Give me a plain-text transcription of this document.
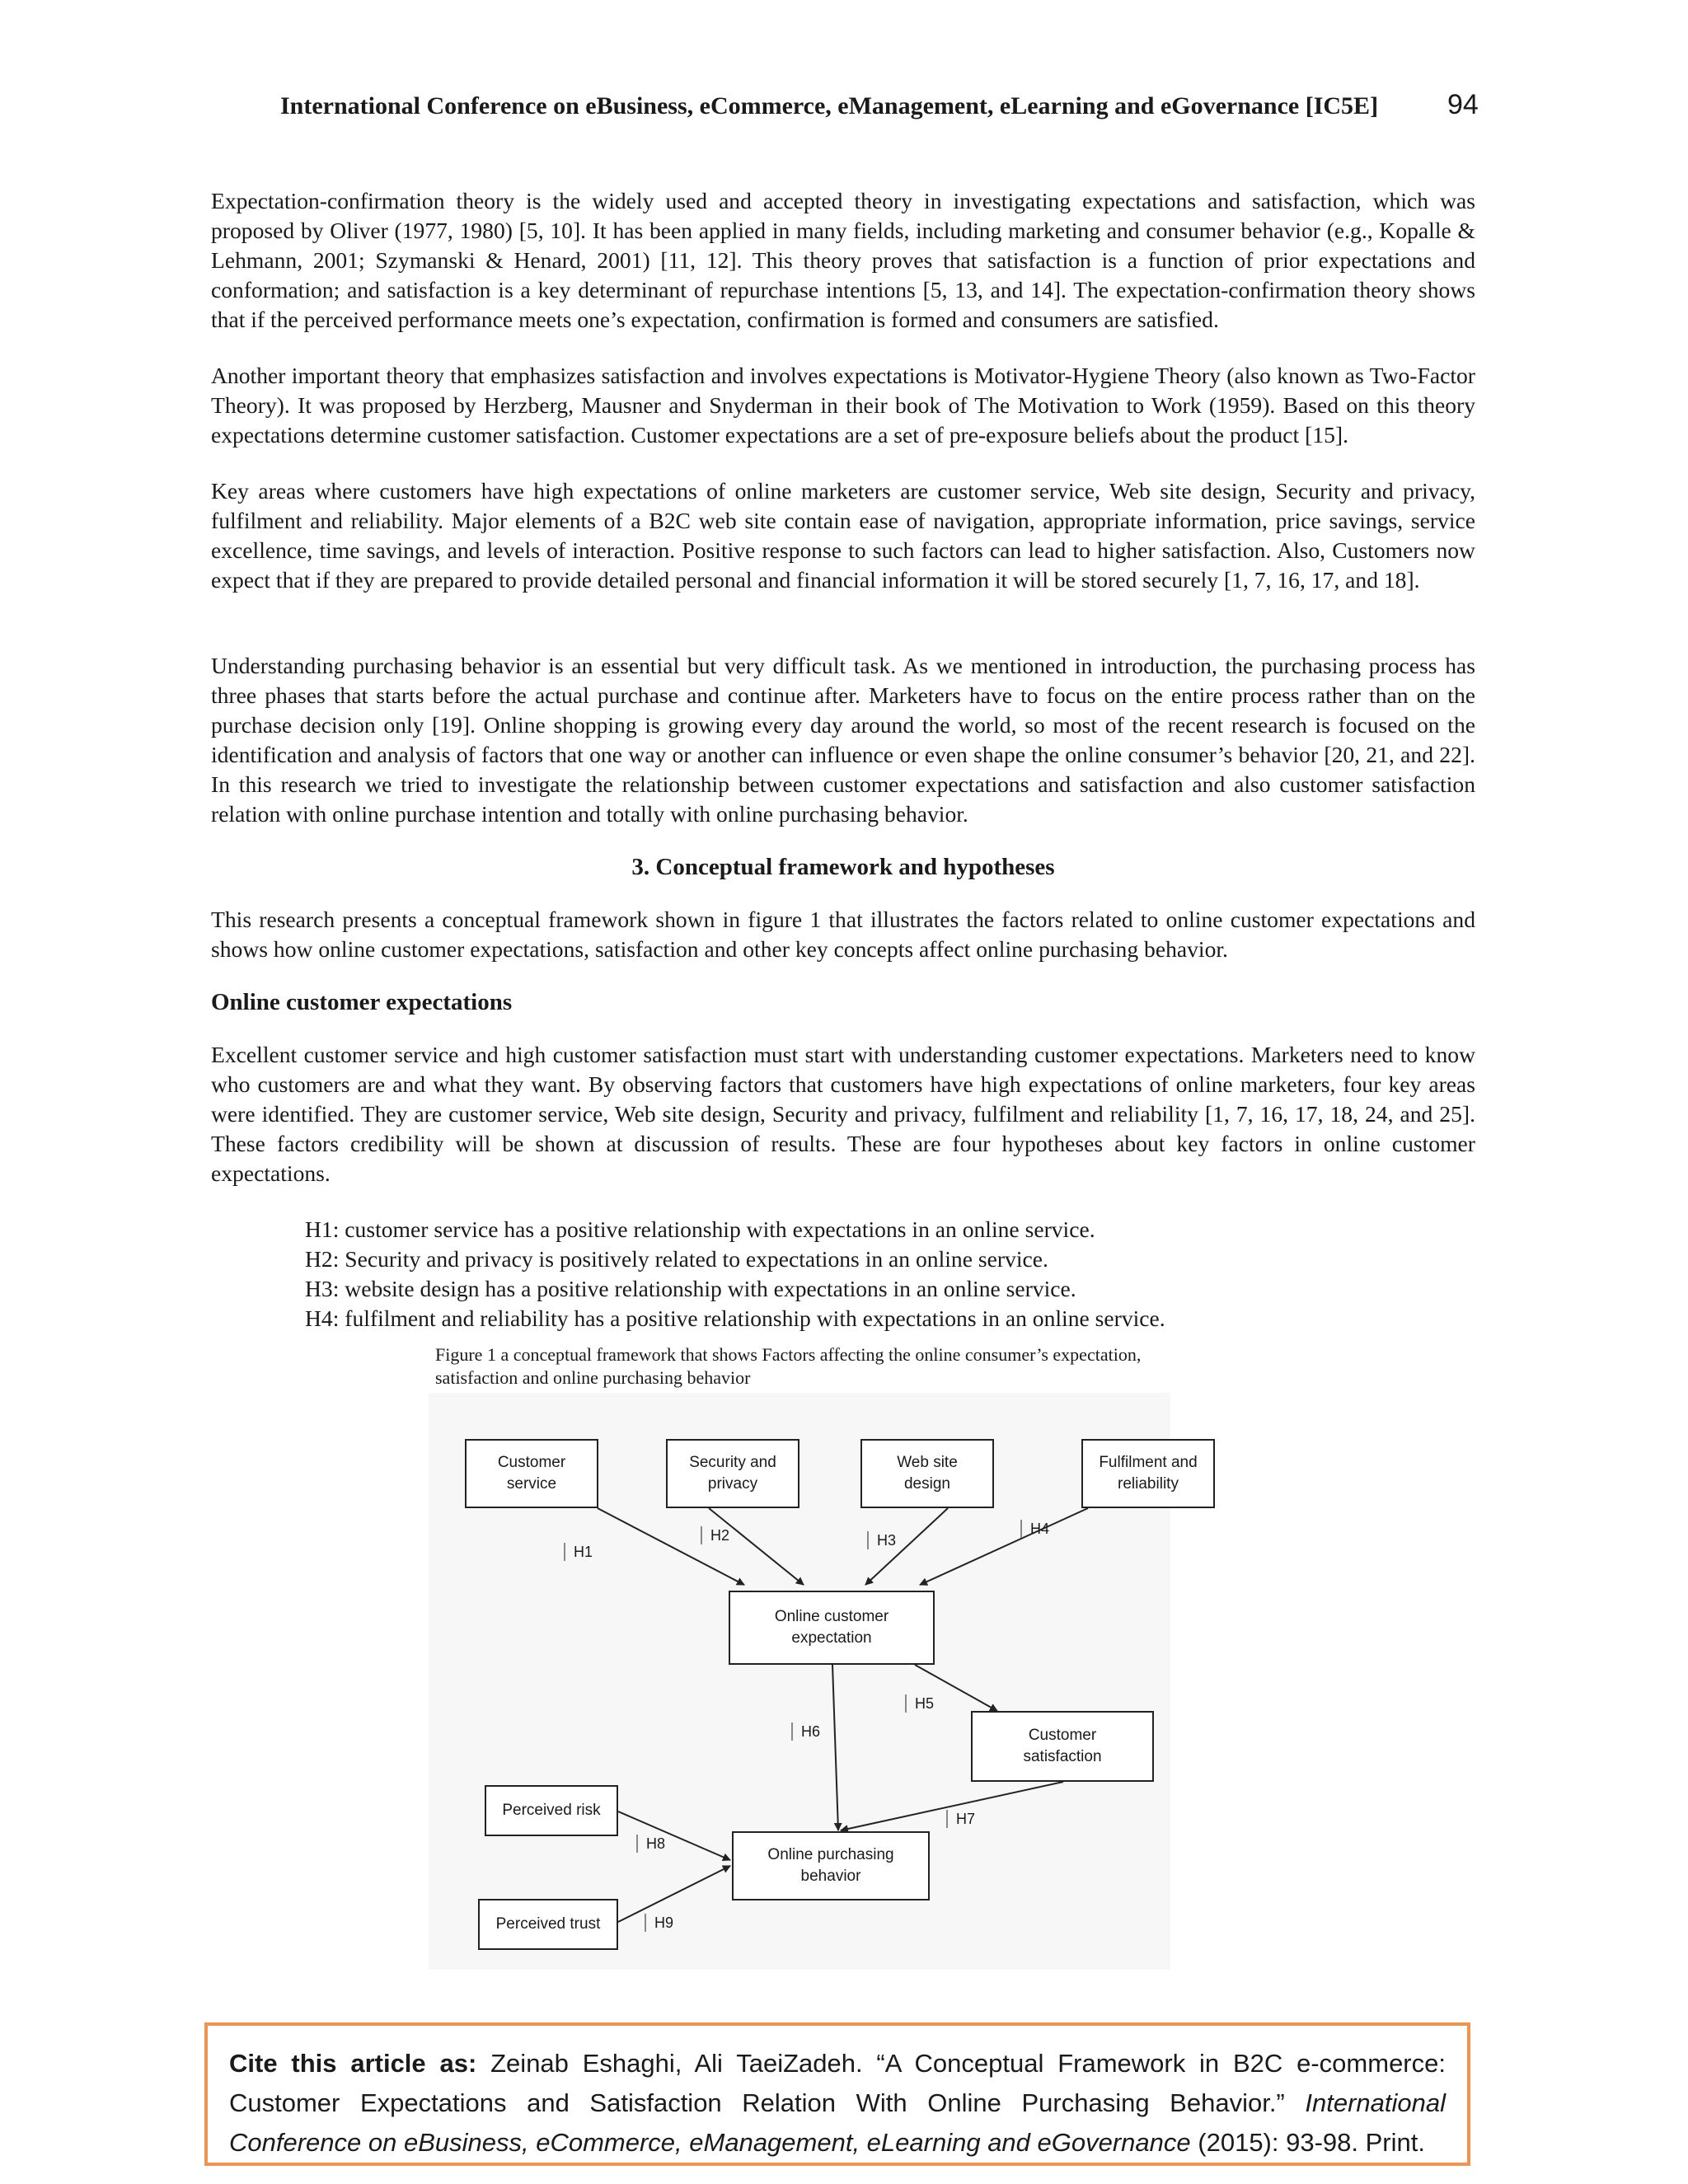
International Conference on eBusiness, eCommerce, eManagement, eLearning and eGovernance [IC5E]	94

Expectation-confirmation theory is the widely used and accepted theory in investigating expectations and satisfaction, which was proposed by Oliver (1977, 1980) [5, 10]. It has been applied in many fields, including marketing and consumer behavior (e.g., Kopalle & Lehmann, 2001; Szymanski & Henard, 2001) [11, 12]. This theory proves that satisfaction is a function of prior expectations and conformation; and satisfaction is a key determinant of repurchase intentions [5, 13, and 14]. The expectation-confirmation theory shows that if the perceived performance meets one’s expectation, confirmation is formed and consumers are satisfied.

Another important theory that emphasizes satisfaction and involves expectations is Motivator-Hygiene Theory (also known as Two-Factor Theory). It was proposed by Herzberg, Mausner and Snyderman in their book of The Motivation to Work (1959). Based on this theory expectations determine customer satisfaction. Customer expectations are a set of pre-exposure beliefs about the product [15].

Key areas where customers have high expectations of online marketers are customer service, Web site design, Security and privacy, fulfilment and reliability. Major elements of a B2C web site contain ease of navigation, appropriate information, price savings, service excellence, time savings, and levels of interaction. Positive response to such factors can lead to higher satisfaction. Also, Customers now expect that if they are prepared to provide detailed personal and financial information it will be stored securely [1, 7, 16, 17, and 18].

Understanding purchasing behavior is an essential but very difficult task. As we mentioned in introduction, the purchasing process has three phases that starts before the actual purchase and continue after. Marketers have to focus on the entire process rather than on the purchase decision only [19]. Online shopping is growing every day around the world, so most of the recent research is focused on the identification and analysis of factors that one way or another can influence or even shape the online consumer’s behavior [20, 21, and 22]. In this research we tried to investigate the relationship between customer expectations and satisfaction and also customer satisfaction relation with online purchase intention and totally with online purchasing behavior.

3. Conceptual framework and hypotheses

This research presents a conceptual framework shown in figure 1 that illustrates the factors related to online customer expectations and shows how online customer expectations, satisfaction and other key concepts affect online purchasing behavior.

Online customer expectations

Excellent customer service and high customer satisfaction must start with understanding customer expectations. Marketers need to know who customers are and what they want. By observing factors that customers have high expectations of online marketers, four key areas were identified. They are customer service, Web site design, Security and privacy, fulfilment and reliability [1, 7, 16, 17, 18, 24, and 25]. These factors credibility will be shown at discussion of results. These are four hypotheses about key factors in online customer expectations.

H1: customer service has a positive relationship with expectations in an online service.
H2: Security and privacy is positively related to expectations in an online service.
H3: website design has a positive relationship with expectations in an online service.
H4: fulfilment and reliability has a positive relationship with expectations in an online service.
Figure 1 a conceptual framework that shows Factors affecting the online consumer’s expectation,
satisfaction and online purchasing behavior
Customer
service
Security and
privacy
Web site
design
Fulfilment and
reliability
Online customer
expectation
Customer
satisfaction
Perceived risk
Perceived trust
Online purchasing
behavior
H1
H2	H3
H4
H5
H6
H7
H8
H9
Cite this article as: Zeinab Eshaghi, Ali TaeiZadeh. “A Conceptual Framework in B2C e-commerce: Customer Expectations and Satisfaction Relation With Online Purchasing Behavior.” International Conference on eBusiness, eCommerce, eManagement, eLearning and eGovernance (2015): 93-98. Print.
